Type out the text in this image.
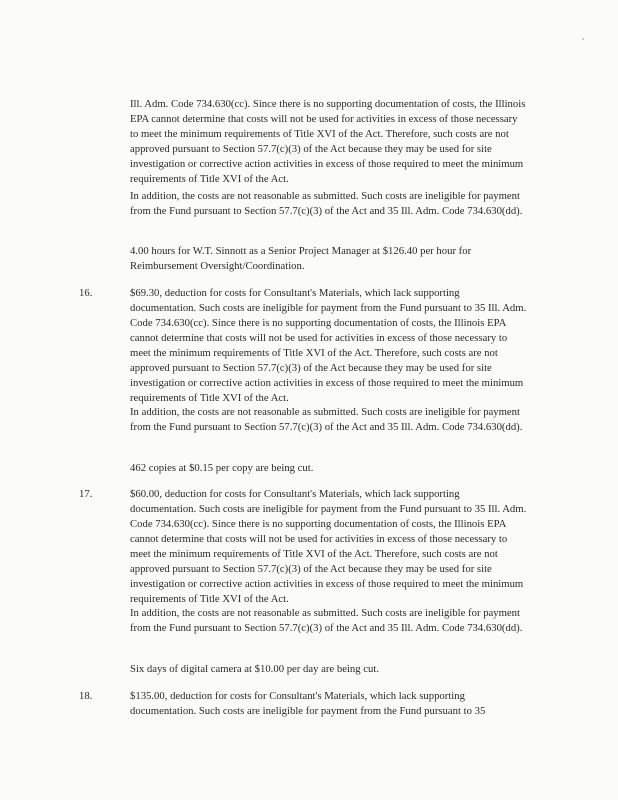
Ill. Adm. Code 734.630(cc). Since there is no supporting documentation of costs, the Illinois EPA cannot determine that costs will not be used for activities in excess of those necessary to meet the minimum requirements of Title XVI of the Act. Therefore, such costs are not approved pursuant to Section 57.7(c)(3) of the Act because they may be used for site investigation or corrective action activities in excess of those required to meet the minimum requirements of Title XVI of the Act.

In addition, the costs are not reasonable as submitted. Such costs are ineligible for payment from the Fund pursuant to Section 57.7(c)(3) of the Act and 35 Ill. Adm. Code 734.630(dd).

4.00 hours for W.T. Sinnott as a Senior Project Manager at $126.40 per hour for Reimbursement Oversight/Coordination.

16.	$69.30, deduction for costs for Consultant's Materials, which lack supporting documentation. Such costs are ineligible for payment from the Fund pursuant to 35 Ill. Adm. Code 734.630(cc). Since there is no supporting documentation of costs, the Illinois EPA cannot determine that costs will not be used for activities in excess of those necessary to meet the minimum requirements of Title XVI of the Act. Therefore, such costs are not approved pursuant to Section 57.7(c)(3) of the Act because they may be used for site investigation or corrective action activities in excess of those required to meet the minimum requirements of Title XVI of the Act.

In addition, the costs are not reasonable as submitted. Such costs are ineligible for payment from the Fund pursuant to Section 57.7(c)(3) of the Act and 35 Ill. Adm. Code 734.630(dd).

462 copies at $0.15 per copy are being cut.

17.	$60.00, deduction for costs for Consultant's Materials, which lack supporting documentation. Such costs are ineligible for payment from the Fund pursuant to 35 Ill. Adm. Code 734.630(cc). Since there is no supporting documentation of costs, the Illinois EPA cannot determine that costs will not be used for activities in excess of those necessary to meet the minimum requirements of Title XVI of the Act. Therefore, such costs are not approved pursuant to Section 57.7(c)(3) of the Act because they may be used for site investigation or corrective action activities in excess of those required to meet the minimum requirements of Title XVI of the Act.

In addition, the costs are not reasonable as submitted. Such costs are ineligible for payment from the Fund pursuant to Section 57.7(c)(3) of the Act and 35 Ill. Adm. Code 734.630(dd).

Six days of digital camera at $10.00 per day are being cut.

18.	$135.00, deduction for costs for Consultant's Materials, which lack supporting documentation. Such costs are ineligible for payment from the Fund pursuant to 35
